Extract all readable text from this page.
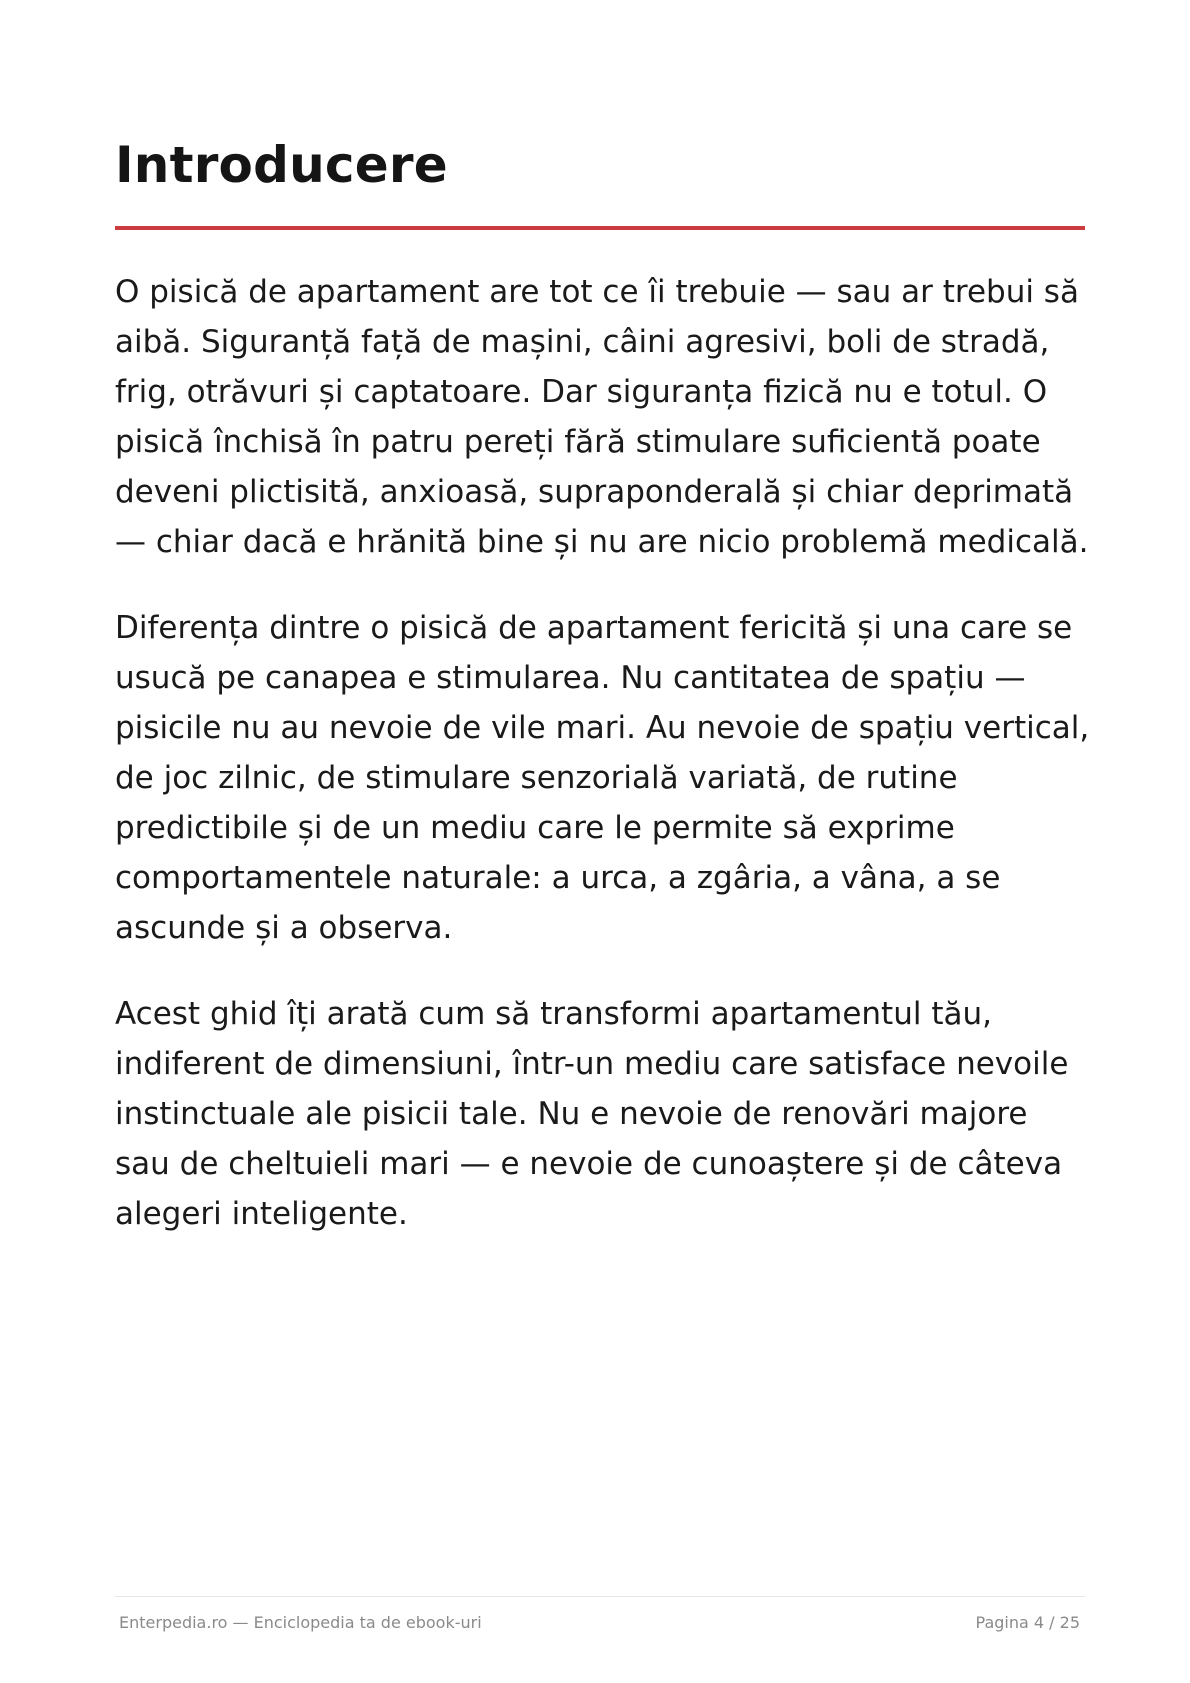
Introducere

O pisică de apartament are tot ce îi trebuie — sau ar trebui să aibă. Siguranță față de mașini, câini agresivi, boli de stradă, frig, otrăvuri și captatoare. Dar siguranța fizică nu e totul. O pisică închisă în patru pereți fără stimulare suficientă poate deveni plictisită, anxioasă, supraponderală și chiar deprimată — chiar dacă e hrănită bine și nu are nicio problemă medicală.

Diferența dintre o pisică de apartament fericită și una care se usucă pe canapea e stimularea. Nu cantitatea de spațiu — pisicile nu au nevoie de vile mari. Au nevoie de spațiu vertical, de joc zilnic, de stimulare senzorială variată, de rutine predictibile și de un mediu care le permite să exprime comportamentele naturale: a urca, a zgâria, a vâna, a se ascunde și a observa.

Acest ghid îți arată cum să transformi apartamentul tău, indiferent de dimensiuni, într-un mediu care satisface nevoile instinctuale ale pisicii tale. Nu e nevoie de renovări majore sau de cheltuieli mari — e nevoie de cunoaștere și de câteva alegeri inteligente.

Enterpedia.ro — Enciclopedia ta de ebook-uri	Pagina 4 / 25
